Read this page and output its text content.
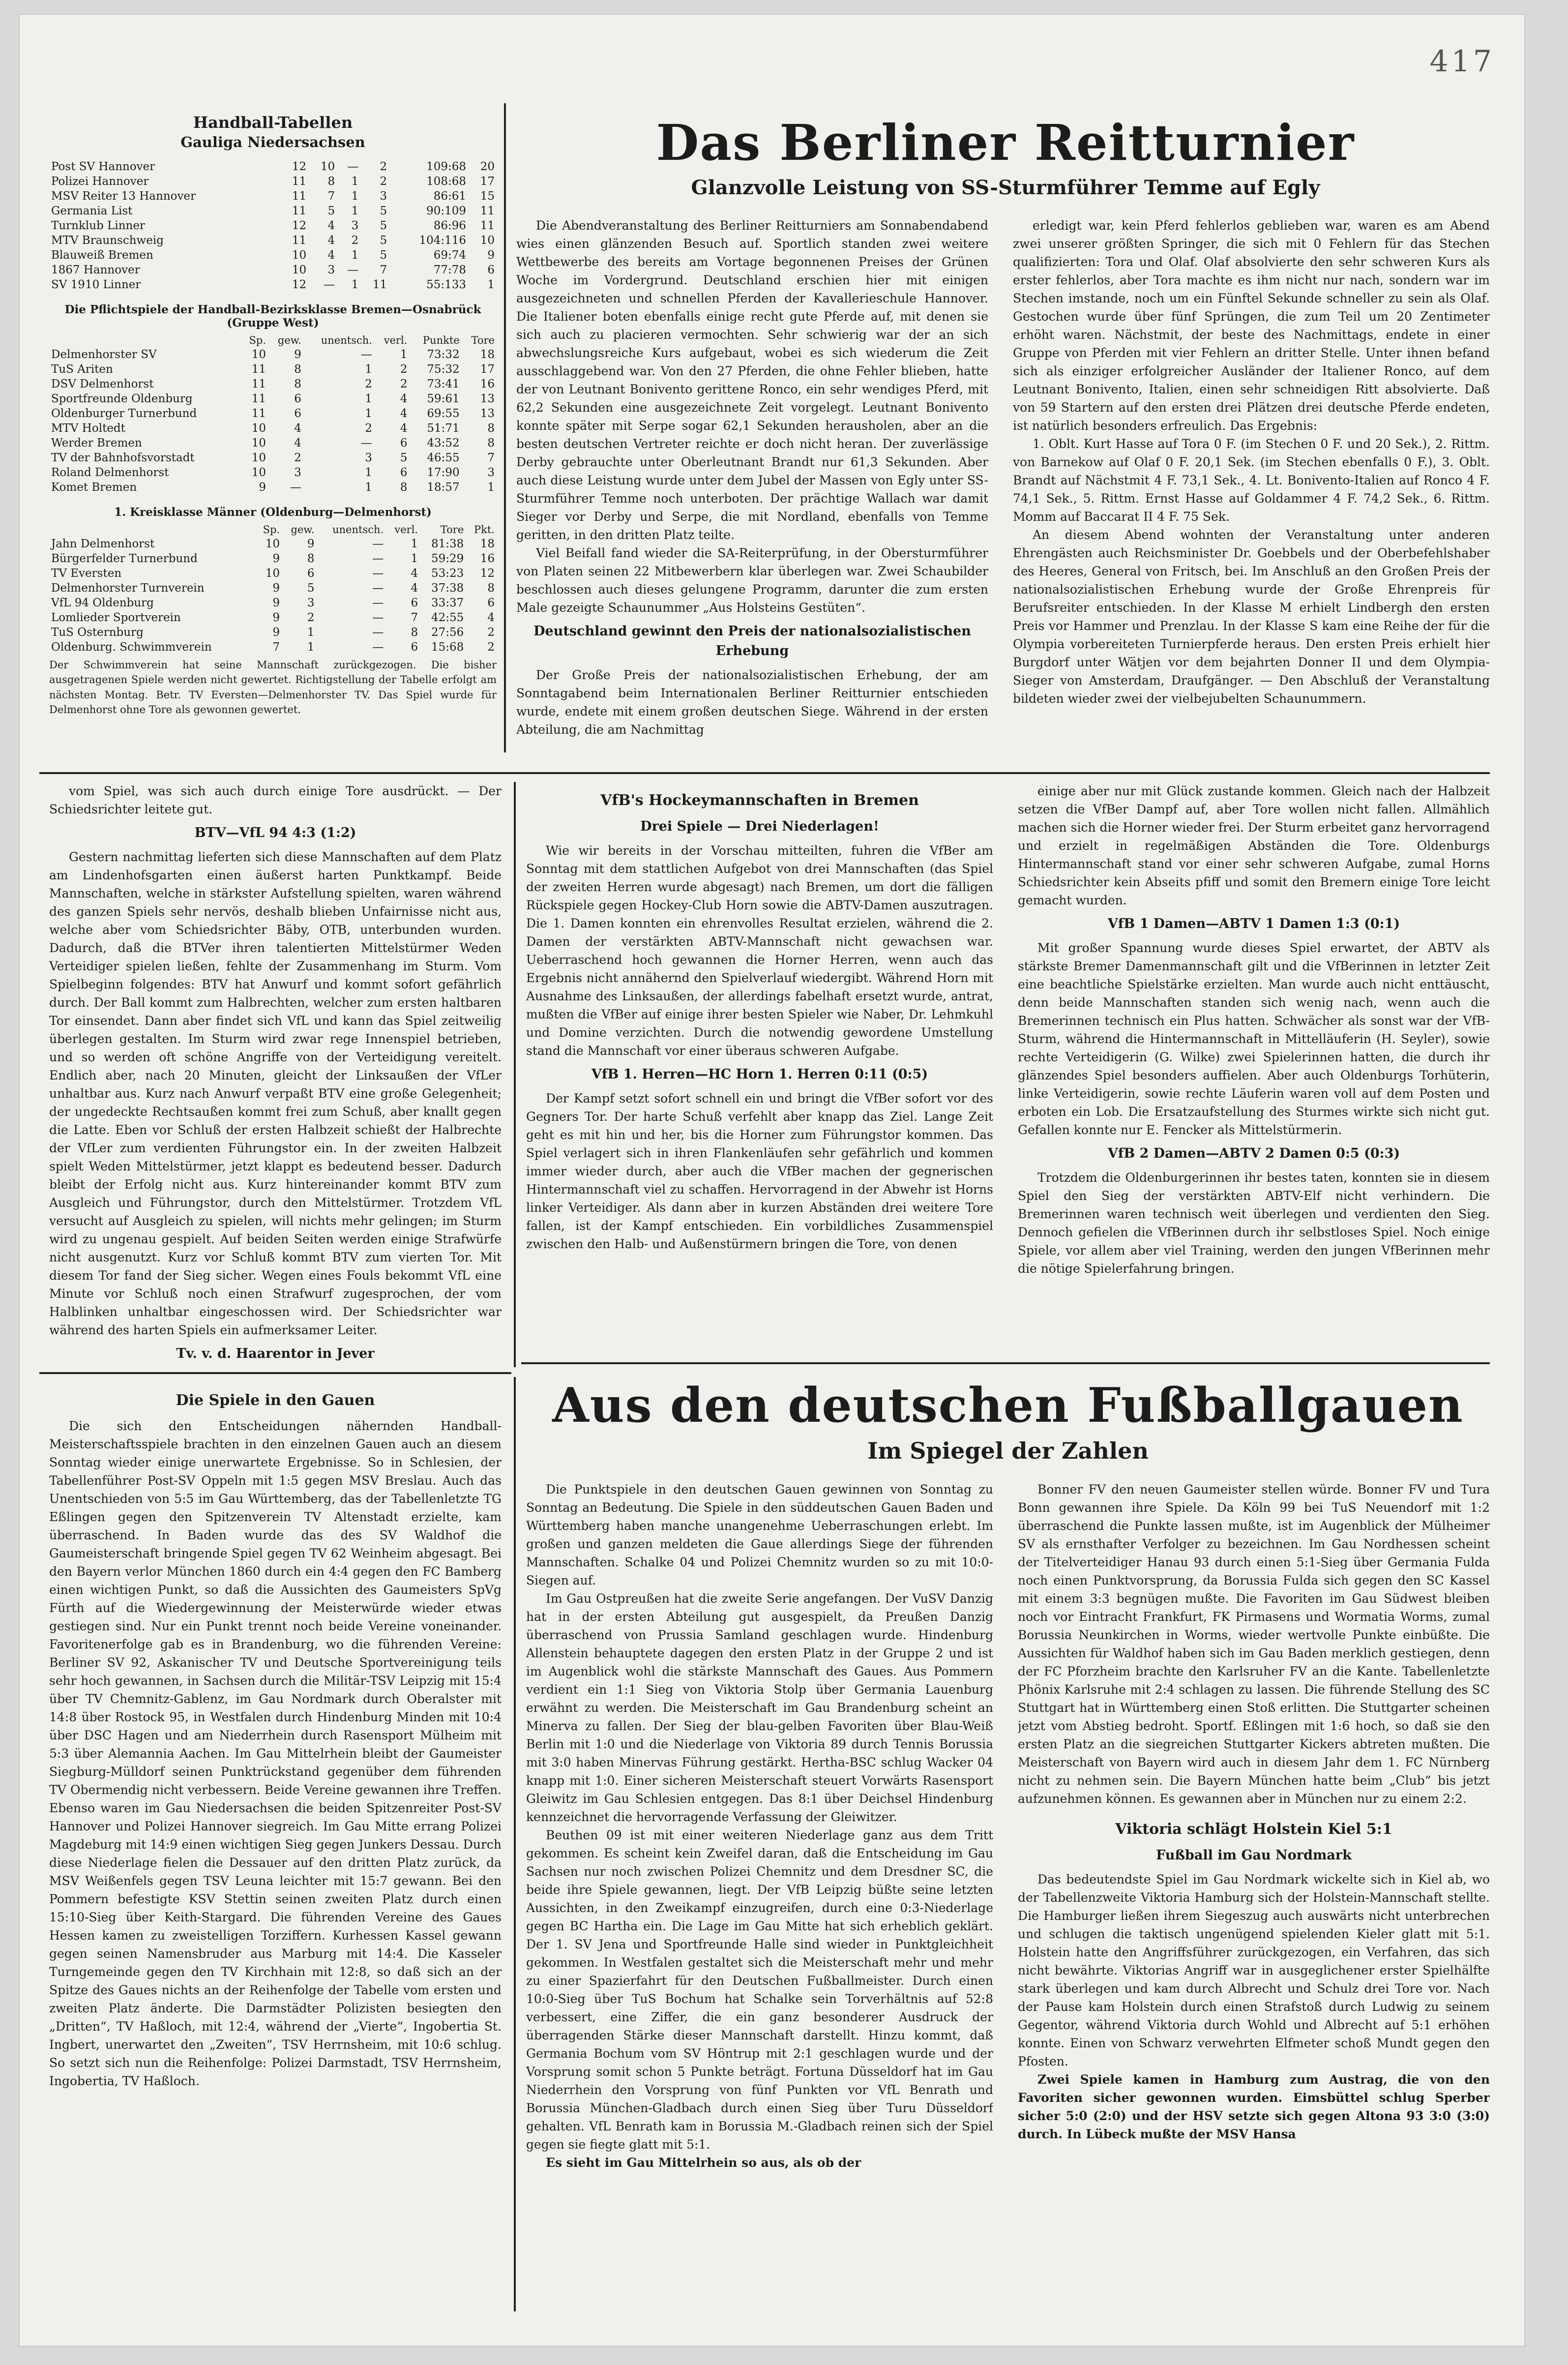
417
Handball-Tabellen
Gauliga Niedersachsen
Post SV Hannover	12	10	—	2	109:68	20
Polizei Hannover	11	8	1	2	108:68	17
MSV Reiter 13 Hannover	11	7	1	3	86:61	15
Germania List	11	5	1	5	90:109	11
Turnklub Linner	12	4	3	5	86:96	11
MTV Braunschweig	11	4	2	5	104:116	10
Blauweiß Bremen	10	4	1	5	69:74	9
1867 Hannover	10	3	—	7	77:78	6
SV 1910 Linner	12	—	1	11	55:133	1
Die Pflichtspiele der Handball-Bezirksklasse Bremen—Osnabrück (Gruppe West)
	Sp.	gew.	unentsch.	verl.	Punkte	Tore
Delmenhorster SV	10	9	—	1	73:32	18
TuS Ariten	11	8	1	2	75:32	17
DSV Delmenhorst	11	8	2	2	73:41	16
Sportfreunde Oldenburg	11	6	1	4	59:61	13
Oldenburger Turnerbund	11	6	1	4	69:55	13
MTV Holtedt	10	4	2	4	51:71	8
Werder Bremen	10	4	—	6	43:52	8
TV der Bahnhofsvorstadt	10	2	3	5	46:55	7
Roland Delmenhorst	10	3	1	6	17:90	3
Komet Bremen	9	—	1	8	18:57	1
1. Kreisklasse Männer (Oldenburg—Delmenhorst)
	Sp.	gew.	unentsch.	verl.	Tore	Pkt.
Jahn Delmenhorst	10	9	—	1	81:38	18
Bürgerfelder Turnerbund	9	8	—	1	59:29	16
TV Eversten	10	6	—	4	53:23	12
Delmenhorster Turnverein	9	5	—	4	37:38	8
VfL 94 Oldenburg	9	3	—	6	33:37	6
Lomlieder Sportverein	9	2	—	7	42:55	4
TuS Osternburg	9	1	—	8	27:56	2
Oldenburg. Schwimmverein	7	1	—	6	15:68	2
Der Schwimmverein hat seine Mannschaft zurückgezogen. Die bisher ausgetragenen Spiele werden nicht gewertet. Richtigstellung der Tabelle erfolgt am nächsten Montag. Betr. TV Eversten—Delmenhorster TV. Das Spiel wurde für Delmenhorst ohne Tore als gewonnen gewertet.
Das Berliner Reitturnier
Glanzvolle Leistung von SS-Sturmführer Temme auf Egly

Die Abendveranstaltung des Berliner Reitturniers am Sonnabendabend wies einen glänzenden Besuch auf. Sportlich standen zwei weitere Wettbewerbe des bereits am Vortage begonnenen Preises der Grünen Woche im Vordergrund. Deutschland erschien hier mit einigen ausgezeichneten und schnellen Pferden der Kavallerieschule Hannover. Die Italiener boten ebenfalls einige recht gute Pferde auf, mit denen sie sich auch zu placieren vermochten. Sehr schwierig war der an sich abwechslungsreiche Kurs aufgebaut, wobei es sich wiederum die Zeit ausschlaggebend war. Von den 27 Pferden, die ohne Fehler blieben, hatte der von Leutnant Bonivento gerittene Ronco, ein sehr wendiges Pferd, mit 62,2 Sekunden eine ausgezeichnete Zeit vorgelegt. Leutnant Bonivento konnte später mit Serpe sogar 62,1 Sekunden herausholen, aber an die besten deutschen Vertreter reichte er doch nicht heran. Der zuverlässige Derby gebrauchte unter Oberleutnant Brandt nur 61,3 Sekunden. Aber auch diese Leistung wurde unter dem Jubel der Massen von Egly unter SS-Sturmführer Temme noch unterboten. Der prächtige Wallach war damit Sieger vor Derby und Serpe, die mit Nordland, ebenfalls von Temme geritten, in den dritten Platz teilte.

Viel Beifall fand wieder die SA-Reiterprüfung, in der Obersturmführer von Platen seinen 22 Mitbewerbern klar überlegen war. Zwei Schaubilder beschlossen auch dieses gelungene Programm, darunter die zum ersten Male gezeigte Schaunummer „Aus Holsteins Gestüten“.

Deutschland gewinnt den Preis der nationalsozialistischen Erhebung

Der Große Preis der nationalsozialistischen Erhebung, der am Sonntagabend beim Internationalen Berliner Reitturnier entschieden wurde, endete mit einem großen deutschen Siege. Während in der ersten Abteilung, die am Nachmittag

erledigt war, kein Pferd fehlerlos geblieben war, waren es am Abend zwei unserer größten Springer, die sich mit 0 Fehlern für das Stechen qualifizierten: Tora und Olaf. Olaf absolvierte den sehr schweren Kurs als erster fehlerlos, aber Tora machte es ihm nicht nur nach, sondern war im Stechen imstande, noch um ein Fünftel Sekunde schneller zu sein als Olaf. Gestochen wurde über fünf Sprüngen, die zum Teil um 20 Zentimeter erhöht waren. Nächstmit, der beste des Nachmittags, endete in einer Gruppe von Pferden mit vier Fehlern an dritter Stelle. Unter ihnen befand sich als einziger erfolgreicher Ausländer der Italiener Ronco, auf dem Leutnant Bonivento, Italien, einen sehr schneidigen Ritt absolvierte. Daß von 59 Startern auf den ersten drei Plätzen drei deutsche Pferde endeten, ist natürlich besonders erfreulich. Das Ergebnis:

1. Oblt. Kurt Hasse auf Tora 0 F. (im Stechen 0 F. und 20 Sek.), 2. Rittm. von Barnekow auf Olaf 0 F. 20,1 Sek. (im Stechen ebenfalls 0 F.), 3. Oblt. Brandt auf Nächstmit 4 F. 73,1 Sek., 4. Lt. Bonivento-Italien auf Ronco 4 F. 74,1 Sek., 5. Rittm. Ernst Hasse auf Goldammer 4 F. 74,2 Sek., 6. Rittm. Momm auf Baccarat II 4 F. 75 Sek.

An diesem Abend wohnten der Veranstaltung unter anderen Ehrengästen auch Reichsminister Dr. Goebbels und der Oberbefehlshaber des Heeres, General von Fritsch, bei. Im Anschluß an den Großen Preis der nationalsozialistischen Erhebung wurde der Große Ehrenpreis für Berufsreiter entschieden. In der Klasse M erhielt Lindbergh den ersten Preis vor Hammer und Prenzlau. In der Klasse S kam eine Reihe der für die Olympia vorbereiteten Turnierpferde heraus. Den ersten Preis erhielt hier Burgdorf unter Wätjen vor dem bejahrten Donner II und dem Olympia-Sieger von Amsterdam, Draufgänger. — Den Abschluß der Veranstaltung bildeten wieder zwei der vielbejubelten Schaunummern.

vom Spiel, was sich auch durch einige Tore ausdrückt. — Der Schiedsrichter leitete gut.

BTV—VfL 94 4:3 (1:2)

Gestern nachmittag lieferten sich diese Mannschaften auf dem Platz am Lindenhofsgarten einen äußerst harten Punktkampf. Beide Mannschaften, welche in stärkster Aufstellung spielten, waren während des ganzen Spiels sehr nervös, deshalb blieben Unfairnisse nicht aus, welche aber vom Schiedsrichter Bäby, OTB, unterbunden wurden. Dadurch, daß die BTVer ihren talentierten Mittelstürmer Weden Verteidiger spielen ließen, fehlte der Zusammenhang im Sturm. Vom Spielbeginn folgendes: BTV hat Anwurf und kommt sofort gefährlich durch. Der Ball kommt zum Halbrechten, welcher zum ersten haltbaren Tor einsendet. Dann aber findet sich VfL und kann das Spiel zeitweilig überlegen gestalten. Im Sturm wird zwar rege Innenspiel betrieben, und so werden oft schöne Angriffe von der Verteidigung vereitelt. Endlich aber, nach 20 Minuten, gleicht der Linksaußen der VfLer unhaltbar aus. Kurz nach Anwurf verpaßt BTV eine große Gelegenheit; der ungedeckte Rechtsaußen kommt frei zum Schuß, aber knallt gegen die Latte. Eben vor Schluß der ersten Halbzeit schießt der Halbrechte der VfLer zum verdienten Führungstor ein. In der zweiten Halbzeit spielt Weden Mittelstürmer, jetzt klappt es bedeutend besser. Dadurch bleibt der Erfolg nicht aus. Kurz hintereinander kommt BTV zum Ausgleich und Führungstor, durch den Mittelstürmer. Trotzdem VfL versucht auf Ausgleich zu spielen, will nichts mehr gelingen; im Sturm wird zu ungenau gespielt. Auf beiden Seiten werden einige Strafwürfe nicht ausgenutzt. Kurz vor Schluß kommt BTV zum vierten Tor. Mit diesem Tor fand der Sieg sicher. Wegen eines Fouls bekommt VfL eine Minute vor Schluß noch einen Strafwurf zugesprochen, der vom Halblinken unhaltbar eingeschossen wird. Der Schiedsrichter war während des harten Spiels ein aufmerksamer Leiter.

Tv. v. d. Haarentor in Jever

VfB's Hockeymannschaften in Bremen
Drei Spiele — Drei Niederlagen!

Wie wir bereits in der Vorschau mitteilten, fuhren die VfBer am Sonntag mit dem stattlichen Aufgebot von drei Mannschaften (das Spiel der zweiten Herren wurde abgesagt) nach Bremen, um dort die fälligen Rückspiele gegen Hockey-Club Horn sowie die ABTV-Damen auszutragen. Die 1. Damen konnten ein ehrenvolles Resultat erzielen, während die 2. Damen der verstärkten ABTV-Mannschaft nicht gewachsen war. Ueberraschend hoch gewannen die Horner Herren, wenn auch das Ergebnis nicht annähernd den Spielverlauf wiedergibt. Während Horn mit Ausnahme des Linksaußen, der allerdings fabelhaft ersetzt wurde, antrat, mußten die VfBer auf einige ihrer besten Spieler wie Naber, Dr. Lehmkuhl und Domine verzichten. Durch die notwendig gewordene Umstellung stand die Mannschaft vor einer überaus schweren Aufgabe.

VfB 1. Herren—HC Horn 1. Herren 0:11 (0:5)

Der Kampf setzt sofort schnell ein und bringt die VfBer sofort vor des Gegners Tor. Der harte Schuß verfehlt aber knapp das Ziel. Lange Zeit geht es mit hin und her, bis die Horner zum Führungstor kommen. Das Spiel verlagert sich in ihren Flankenläufen sehr gefährlich und kommen immer wieder durch, aber auch die VfBer machen der gegnerischen Hintermannschaft viel zu schaffen. Hervorragend in der Abwehr ist Horns linker Verteidiger. Als dann aber in kurzen Abständen drei weitere Tore fallen, ist der Kampf entschieden. Ein vorbildliches Zusammenspiel zwischen den Halb- und Außenstürmern bringen die Tore, von denen

einige aber nur mit Glück zustande kommen. Gleich nach der Halbzeit setzen die VfBer Dampf auf, aber Tore wollen nicht fallen. Allmählich machen sich die Horner wieder frei. Der Sturm erbeitet ganz hervorragend und erzielt in regelmäßigen Abständen die Tore. Oldenburgs Hintermannschaft stand vor einer sehr schweren Aufgabe, zumal Horns Schiedsrichter kein Abseits pfiff und somit den Bremern einige Tore leicht gemacht wurden.

VfB 1 Damen—ABTV 1 Damen 1:3 (0:1)

Mit großer Spannung wurde dieses Spiel erwartet, der ABTV als stärkste Bremer Damenmannschaft gilt und die VfBerinnen in letzter Zeit eine beachtliche Spielstärke erzielten. Man wurde auch nicht enttäuscht, denn beide Mannschaften standen sich wenig nach, wenn auch die Bremerinnen technisch ein Plus hatten. Schwächer als sonst war der VfB-Sturm, während die Hintermannschaft in Mittelläuferin (H. Seyler), sowie rechte Verteidigerin (G. Wilke) zwei Spielerinnen hatten, die durch ihr glänzendes Spiel besonders auffielen. Aber auch Oldenburgs Torhüterin, linke Verteidigerin, sowie rechte Läuferin waren voll auf dem Posten und erboten ein Lob. Die Ersatzaufstellung des Sturmes wirkte sich nicht gut. Gefallen konnte nur E. Fencker als Mittelstürmerin.

VfB 2 Damen—ABTV 2 Damen 0:5 (0:3)

Trotzdem die Oldenburgerinnen ihr bestes taten, konnten sie in diesem Spiel den Sieg der verstärkten ABTV-Elf nicht verhindern. Die Bremerinnen waren technisch weit überlegen und verdienten den Sieg. Dennoch gefielen die VfBerinnen durch ihr selbstloses Spiel. Noch einige Spiele, vor allem aber viel Training, werden den jungen VfBerinnen mehr die nötige Spielerfahrung bringen.

Die Spiele in den Gauen

Die sich den Entscheidungen nähernden Handball-Meisterschaftsspiele brachten in den einzelnen Gauen auch an diesem Sonntag wieder einige unerwartete Ergebnisse. So in Schlesien, der Tabellenführer Post-SV Oppeln mit 1:5 gegen MSV Breslau. Auch das Unentschieden von 5:5 im Gau Württemberg, das der Tabellenletzte TG Eßlingen gegen den Spitzenverein TV Altenstadt erzielte, kam überraschend. In Baden wurde das des SV Waldhof die Gaumeisterschaft bringende Spiel gegen TV 62 Weinheim abgesagt. Bei den Bayern verlor München 1860 durch ein 4:4 gegen den FC Bamberg einen wichtigen Punkt, so daß die Aussichten des Gaumeisters SpVg Fürth auf die Wiedergewinnung der Meisterwürde wieder etwas gestiegen sind. Nur ein Punkt trennt noch beide Vereine voneinander. Favoritenerfolge gab es in Brandenburg, wo die führenden Vereine: Berliner SV 92, Askanischer TV und Deutsche Sportvereinigung teils sehr hoch gewannen, in Sachsen durch die Militär-TSV Leipzig mit 15:4 über TV Chemnitz-Gablenz, im Gau Nordmark durch Oberalster mit 14:8 über Rostock 95, in Westfalen durch Hindenburg Minden mit 10:4 über DSC Hagen und am Niederrhein durch Rasensport Mülheim mit 5:3 über Alemannia Aachen. Im Gau Mittelrhein bleibt der Gaumeister Siegburg-Mülldorf seinen Punktrückstand gegenüber dem führenden TV Obermendig nicht verbessern. Beide Vereine gewannen ihre Treffen. Ebenso waren im Gau Niedersachsen die beiden Spitzenreiter Post-SV Hannover und Polizei Hannover siegreich. Im Gau Mitte errang Polizei Magdeburg mit 14:9 einen wichtigen Sieg gegen Junkers Dessau. Durch diese Niederlage fielen die Dessauer auf den dritten Platz zurück, da MSV Weißenfels gegen TSV Leuna leichter mit 15:7 gewann. Bei den Pommern befestigte KSV Stettin seinen zweiten Platz durch einen 15:10-Sieg über Keith-Stargard. Die führenden Vereine des Gaues Hessen kamen zu zweistelligen Torziffern. Kurhessen Kassel gewann gegen seinen Namensbruder aus Marburg mit 14:4. Die Kasseler Turngemeinde gegen den TV Kirchhain mit 12:8, so daß sich an der Spitze des Gaues nichts an der Reihenfolge der Tabelle vom ersten und zweiten Platz änderte. Die Darmstädter Polizisten besiegten den „Dritten“, TV Haßloch, mit 12:4, während der „Vierte“, Ingobertia St. Ingbert, unerwartet den „Zweiten“, TSV Herrnsheim, mit 10:6 schlug. So setzt sich nun die Reihenfolge: Polizei Darmstadt, TSV Herrnsheim, Ingobertia, TV Haßloch.

Aus den deutschen Fußballgauen
Im Spiegel der Zahlen

Die Punktspiele in den deutschen Gauen gewinnen von Sonntag zu Sonntag an Bedeutung. Die Spiele in den süddeutschen Gauen Baden und Württemberg haben manche unangenehme Ueberraschungen erlebt. Im großen und ganzen meldeten die Gaue allerdings Siege der führenden Mannschaften. Schalke 04 und Polizei Chemnitz wurden so zu mit 10:0-Siegen auf.

Im Gau Ostpreußen hat die zweite Serie angefangen. Der VuSV Danzig hat in der ersten Abteilung gut ausgespielt, da Preußen Danzig überraschend von Prussia Samland geschlagen wurde. Hindenburg Allenstein behauptete dagegen den ersten Platz in der Gruppe 2 und ist im Augenblick wohl die stärkste Mannschaft des Gaues. Aus Pommern verdient ein 1:1 Sieg von Viktoria Stolp über Germania Lauenburg erwähnt zu werden. Die Meisterschaft im Gau Brandenburg scheint an Minerva zu fallen. Der Sieg der blau-gelben Favoriten über Blau-Weiß Berlin mit 1:0 und die Niederlage von Viktoria 89 durch Tennis Borussia mit 3:0 haben Minervas Führung gestärkt. Hertha-BSC schlug Wacker 04 knapp mit 1:0. Einer sicheren Meisterschaft steuert Vorwärts Rasensport Gleiwitz im Gau Schlesien entgegen. Das 8:1 über Deichsel Hindenburg kennzeichnet die hervorragende Verfassung der Gleiwitzer.

Beuthen 09 ist mit einer weiteren Niederlage ganz aus dem Tritt gekommen. Es scheint kein Zweifel daran, daß die Entscheidung im Gau Sachsen nur noch zwischen Polizei Chemnitz und dem Dresdner SC, die beide ihre Spiele gewannen, liegt. Der VfB Leipzig büßte seine letzten Aussichten, in den Zweikampf einzugreifen, durch eine 0:3-Niederlage gegen BC Hartha ein. Die Lage im Gau Mitte hat sich erheblich geklärt. Der 1. SV Jena und Sportfreunde Halle sind wieder in Punktgleichheit gekommen. In Westfalen gestaltet sich die Meisterschaft mehr und mehr zu einer Spazierfahrt für den Deutschen Fußballmeister. Durch einen 10:0-Sieg über TuS Bochum hat Schalke sein Torverhältnis auf 52:8 verbessert, eine Ziffer, die ein ganz besonderer Ausdruck der überragenden Stärke dieser Mannschaft darstellt. Hinzu kommt, daß Germania Bochum vom SV Höntrup mit 2:1 geschlagen wurde und der Vorsprung somit schon 5 Punkte beträgt. Fortuna Düsseldorf hat im Gau Niederrhein den Vorsprung von fünf Punkten vor VfL Benrath und Borussia München-Gladbach durch einen Sieg über Turu Düsseldorf gehalten. VfL Benrath kam in Borussia M.-Gladbach reinen sich der Spiel gegen sie fiegte glatt mit 5:1.

Es sieht im Gau Mittelrhein so aus, als ob der

Bonner FV den neuen Gaumeister stellen würde. Bonner FV und Tura Bonn gewannen ihre Spiele. Da Köln 99 bei TuS Neuendorf mit 1:2 überraschend die Punkte lassen mußte, ist im Augenblick der Mülheimer SV als ernsthafter Verfolger zu bezeichnen. Im Gau Nordhessen scheint der Titelverteidiger Hanau 93 durch einen 5:1-Sieg über Germania Fulda noch einen Punktvorsprung, da Borussia Fulda sich gegen den SC Kassel mit einem 3:3 begnügen mußte. Die Favoriten im Gau Südwest bleiben noch vor Eintracht Frankfurt, FK Pirmasens und Wormatia Worms, zumal Borussia Neunkirchen in Worms, wieder wertvolle Punkte einbüßte. Die Aussichten für Waldhof haben sich im Gau Baden merklich gestiegen, denn der FC Pforzheim brachte den Karlsruher FV an die Kante. Tabellenletzte Phönix Karlsruhe mit 2:4 schlagen zu lassen. Die führende Stellung des SC Stuttgart hat in Württemberg einen Stoß erlitten. Die Stuttgarter scheinen jetzt vom Abstieg bedroht. Sportf. Eßlingen mit 1:6 hoch, so daß sie den ersten Platz an die siegreichen Stuttgarter Kickers abtreten mußten. Die Meisterschaft von Bayern wird auch in diesem Jahr dem 1. FC Nürnberg nicht zu nehmen sein. Die Bayern München hatte beim „Club“ bis jetzt aufzunehmen können. Es gewannen aber in München nur zu einem 2:2.

Viktoria schlägt Holstein Kiel 5:1
Fußball im Gau Nordmark

Das bedeutendste Spiel im Gau Nordmark wickelte sich in Kiel ab, wo der Tabellenzweite Viktoria Hamburg sich der Holstein-Mannschaft stellte. Die Hamburger ließen ihrem Siegeszug auch auswärts nicht unterbrechen und schlugen die taktisch ungenügend spielenden Kieler glatt mit 5:1. Holstein hatte den Angriffsführer zurückgezogen, ein Verfahren, das sich nicht bewährte. Viktorias Angriff war in ausgeglichener erster Spielhälfte stark überlegen und kam durch Albrecht und Schulz drei Tore vor. Nach der Pause kam Holstein durch einen Strafstoß durch Ludwig zu seinem Gegentor, während Viktoria durch Wohld und Albrecht auf 5:1 erhöhen konnte. Einen von Schwarz verwehrten Elfmeter schoß Mundt gegen den Pfosten.

Zwei Spiele kamen in Hamburg zum Austrag, die von den Favoriten sicher gewonnen wurden. Eimsbüttel schlug Sperber sicher 5:0 (2:0) und der HSV setzte sich gegen Altona 93 3:0 (3:0) durch. In Lübeck mußte der MSV Hansa
